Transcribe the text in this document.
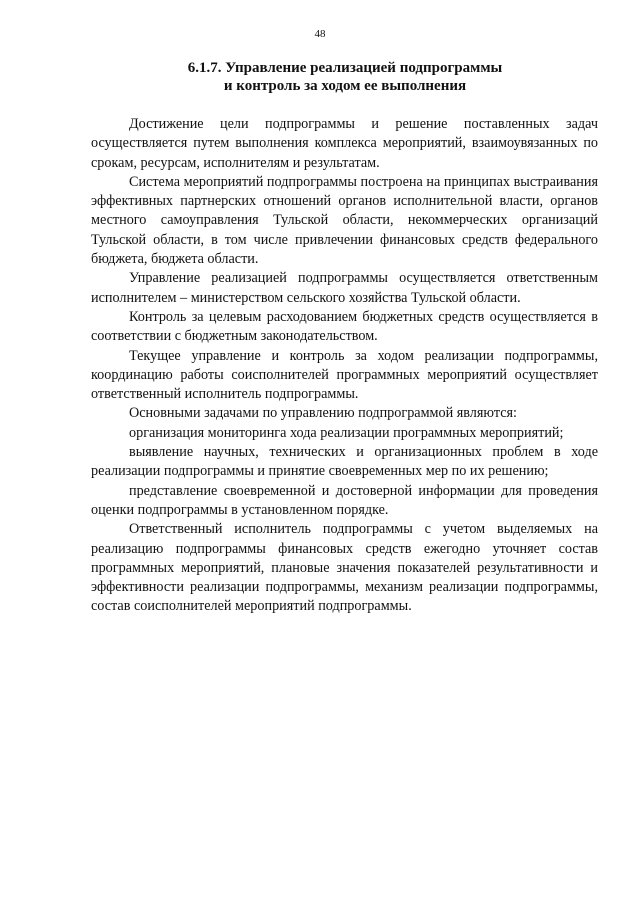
48
6.1.7. Управление реализацией подпрограммы
и контроль за ходом ее выполнения

Достижение цели подпрограммы и решение поставленных задач осуществляется путем выполнения комплекса мероприятий, взаимоувязанных по срокам, ресурсам, исполнителям и результатам.

Система мероприятий подпрограммы построена на принципах выстраивания эффективных партнерских отношений органов исполнительной власти, органов местного самоуправления Тульской области, некоммерческих организаций Тульской области, в том числе привлечении финансовых средств федерального бюджета, бюджета области.

Управление реализацией подпрограммы осуществляется ответственным исполнителем – министерством сельского хозяйства Тульской области.

Контроль за целевым расходованием бюджетных средств осуществляется в соответствии с бюджетным законодательством.

Текущее управление и контроль за ходом реализации подпрограммы, координацию работы соисполнителей программных мероприятий осуществляет ответственный исполнитель подпрограммы.

Основными задачами по управлению подпрограммой являются:

организация мониторинга хода реализации программных мероприятий;

выявление научных, технических и организационных проблем в ходе реализации подпрограммы и принятие своевременных мер по их решению;

представление своевременной и достоверной информации для проведения оценки подпрограммы в установленном порядке.

Ответственный исполнитель подпрограммы с учетом выделяемых на реализацию подпрограммы финансовых средств ежегодно уточняет состав программных мероприятий, плановые значения показателей результативности и эффективности реализации подпрограммы, механизм реализации подпрограммы, состав соисполнителей мероприятий подпрограммы.
